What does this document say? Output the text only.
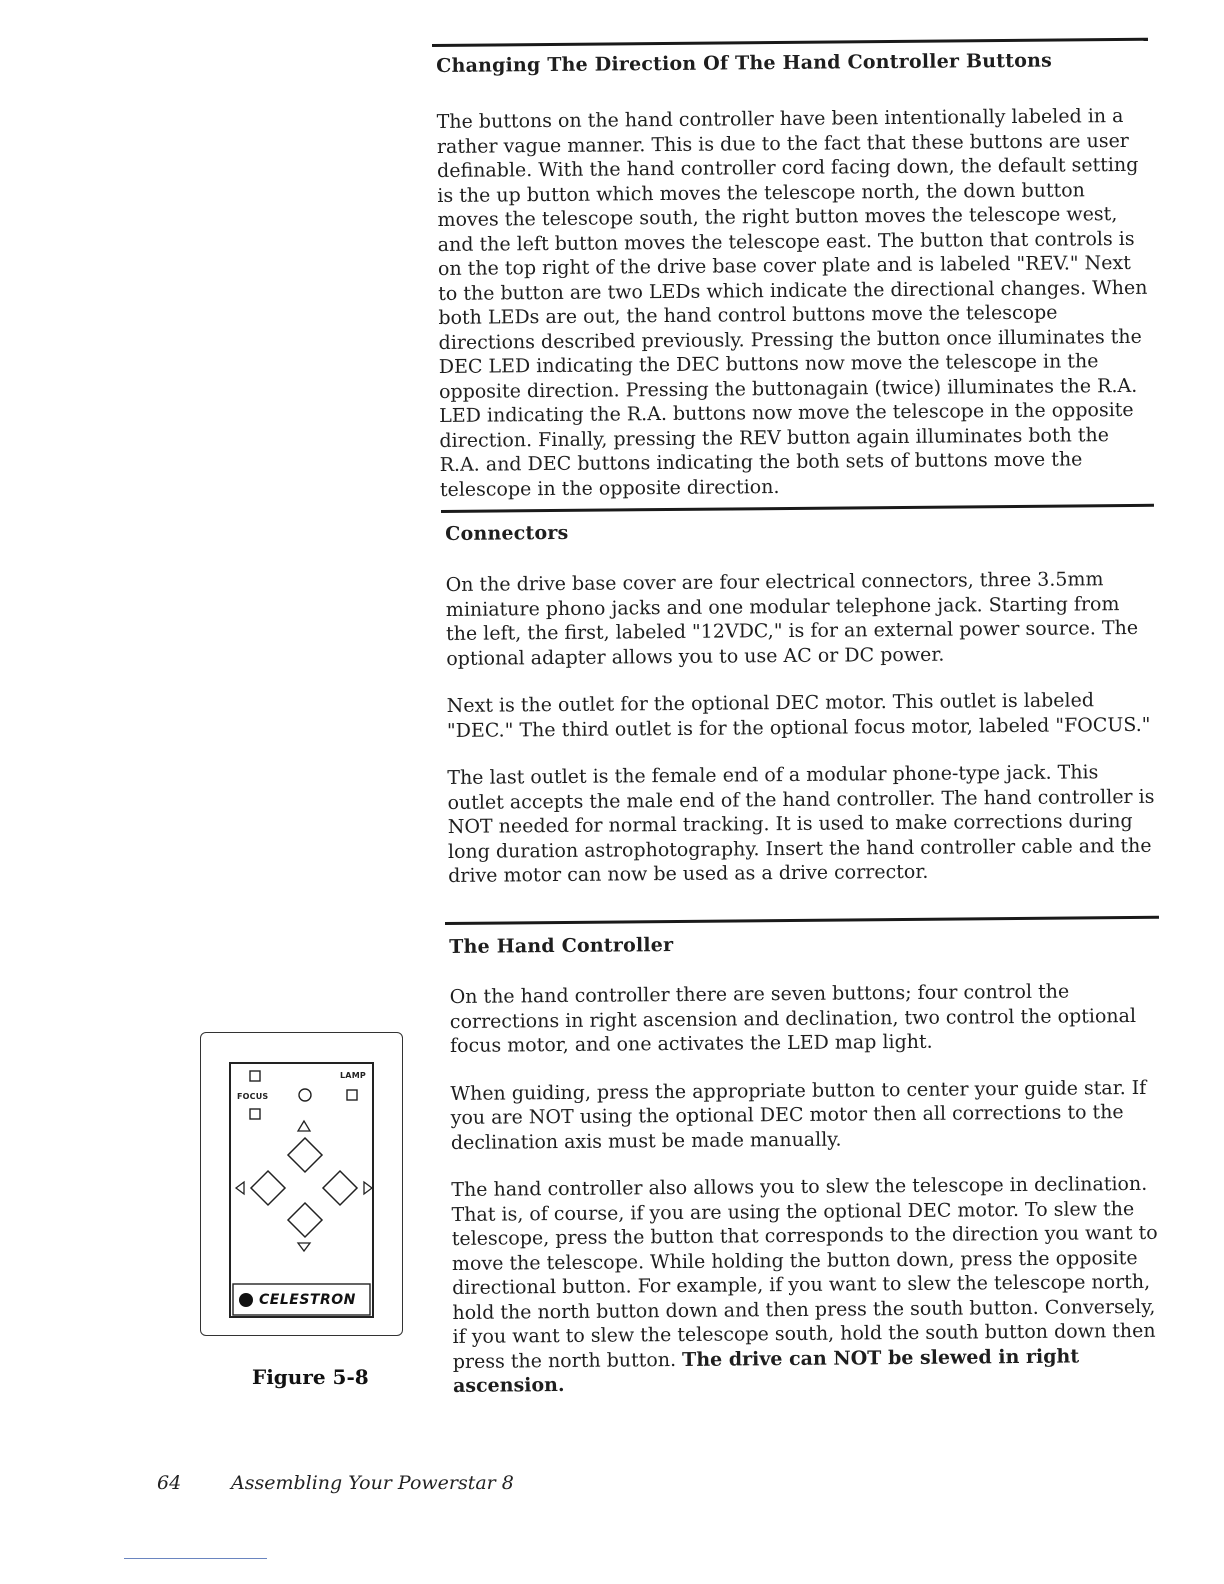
Changing The Direction Of The Hand Controller Buttons

The buttons on the hand controller have been intentionally labeled in a rather vague manner. This is due to the fact that these buttons are user definable. With the hand controller cord facing down, the default setting is the up button which moves the telescope north, the down button moves the telescope south, the right button moves the telescope west, and the left button moves the telescope east. The button that controls is on the top right of the drive base cover plate and is labeled "REV." Next to the button are two LEDs which indicate the directional changes. When both LEDs are out, the hand control buttons move the telescope directions described previously. Pressing the button once illuminates the DEC LED indicating the DEC buttons now move the telescope in the opposite direction. Pressing the buttonagain (twice) illuminates the R.A. LED indicating the R.A. buttons now move the telescope in the opposite direction. Finally, pressing the REV button again illuminates both the R.A. and DEC buttons indicating the both sets of buttons move the telescope in the opposite direction.

Connectors

On the drive base cover are four electrical connectors, three 3.5mm miniature phono jacks and one modular telephone jack. Starting from the left, the first, labeled "12VDC," is for an external power source. The optional adapter allows you to use AC or DC power.

Next is the outlet for the optional DEC motor. This outlet is labeled "DEC." The third outlet is for the optional focus motor, labeled "FOCUS."

The last outlet is the female end of a modular phone-type jack. This outlet accepts the male end of the hand controller. The hand controller is NOT needed for normal tracking. It is used to make corrections during long duration astrophotography. Insert the hand controller cable and the drive motor can now be used as a drive corrector.

The Hand Controller

On the hand controller there are seven buttons; four control the corrections in right ascension and declination, two control the optional focus motor, and one activates the LED map light.

When guiding, press the appropriate button to center your guide star. If you are NOT using the optional DEC motor then all corrections to the declination axis must be made manually.

The hand controller also allows you to slew the telescope in declination. That is, of course, if you are using the optional DEC motor. To slew the telescope, press the button that corresponds to the direction you want to move the telescope. While holding the button down, press the opposite directional button. For example, if you want to slew the telescope north, hold the north button down and then press the south button. Conversely, if you want to slew the telescope south, hold the south button down then press the north button. The drive can NOT be slewed in right ascension.

FOCUS
LAMP
CELESTRON
Figure 5-8
64	Assembling Your Powerstar 8
